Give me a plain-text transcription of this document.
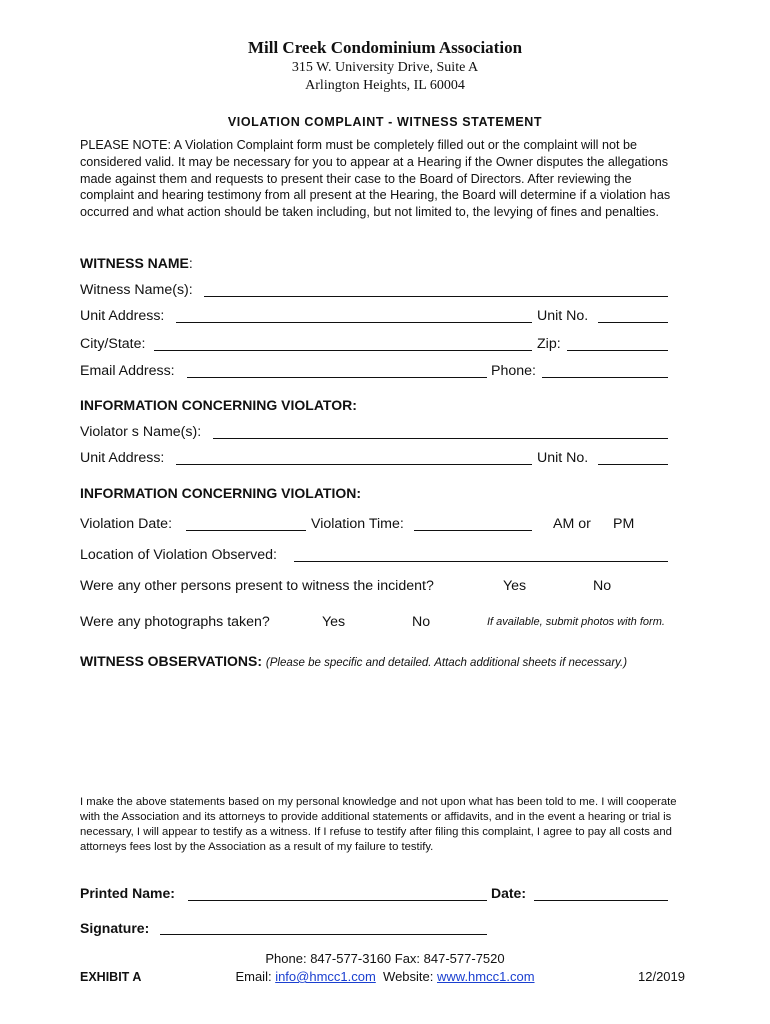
Mill Creek Condominium Association
315 W. University Drive, Suite A
Arlington Heights, IL 60004
VIOLATION COMPLAINT - WITNESS STATEMENT
PLEASE NOTE: A Violation Complaint form must be completely filled out or the complaint will not be considered valid. It may be necessary for you to appear at a Hearing if the Owner disputes the allegations made against them and requests to present their case to the Board of Directors. After reviewing the complaint and hearing testimony from all present at the Hearing, the Board will determine if a violation has occurred and what action should be taken including, but not limited to, the levying of fines and penalties.
WITNESS NAME:
Witness Name(s):
Unit Address:	Unit No.
City/State:	Zip:
Email Address:	Phone:
INFORMATION CONCERNING VIOLATOR:
Violator s Name(s):
Unit Address:	Unit No.
INFORMATION CONCERNING VIOLATION:
Violation Date:	Violation Time:	AM or PM
Location of Violation Observed:
Were any other persons present to witness the incident?	Yes	No
Were any photographs taken?	Yes	No	If available, submit photos with form.
WITNESS OBSERVATIONS: (Please be specific and detailed. Attach additional sheets if necessary.)
I make the above statements based on my personal knowledge and not upon what has been told to me. I will cooperate with the Association and its attorneys to provide additional statements or affidavits, and in the event a hearing or trial is necessary, I will appear to testify as a witness. If I refuse to testify after filing this complaint, I agree to pay all costs and attorneys fees lost by the Association as a result of my failure to testify.
Printed Name:	Date:
Signature:
Phone: 847-577-3160 Fax: 847-577-7520
Email: info@hmcc1.com  Website: www.hmcc1.com
EXHIBIT A	12/2019
